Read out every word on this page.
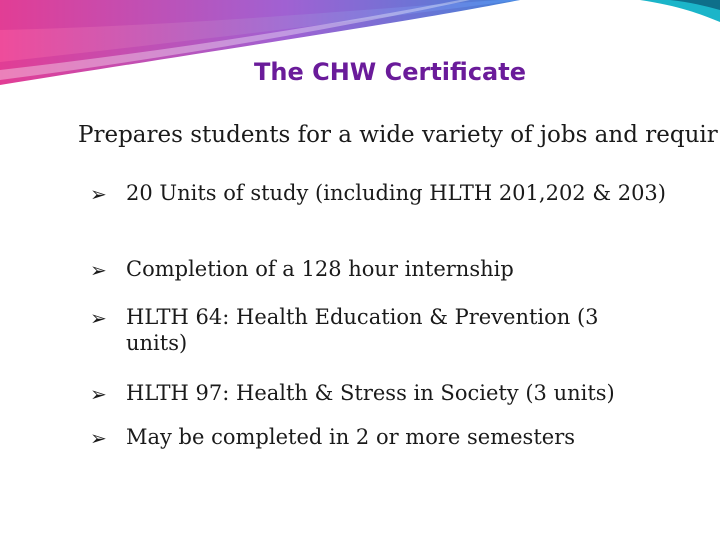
The CHW Certificate
Prepares students for a wide variety of jobs and requir
➢ 20 Units of study (including HLTH 201,202 & 203)
➢ Completion of a 128 hour internship
➢ HLTH 64: Health Education & Prevention (3 units)
➢ HLTH 97: Health & Stress in Society (3 units)
➢ May be completed in 2 or more semesters
